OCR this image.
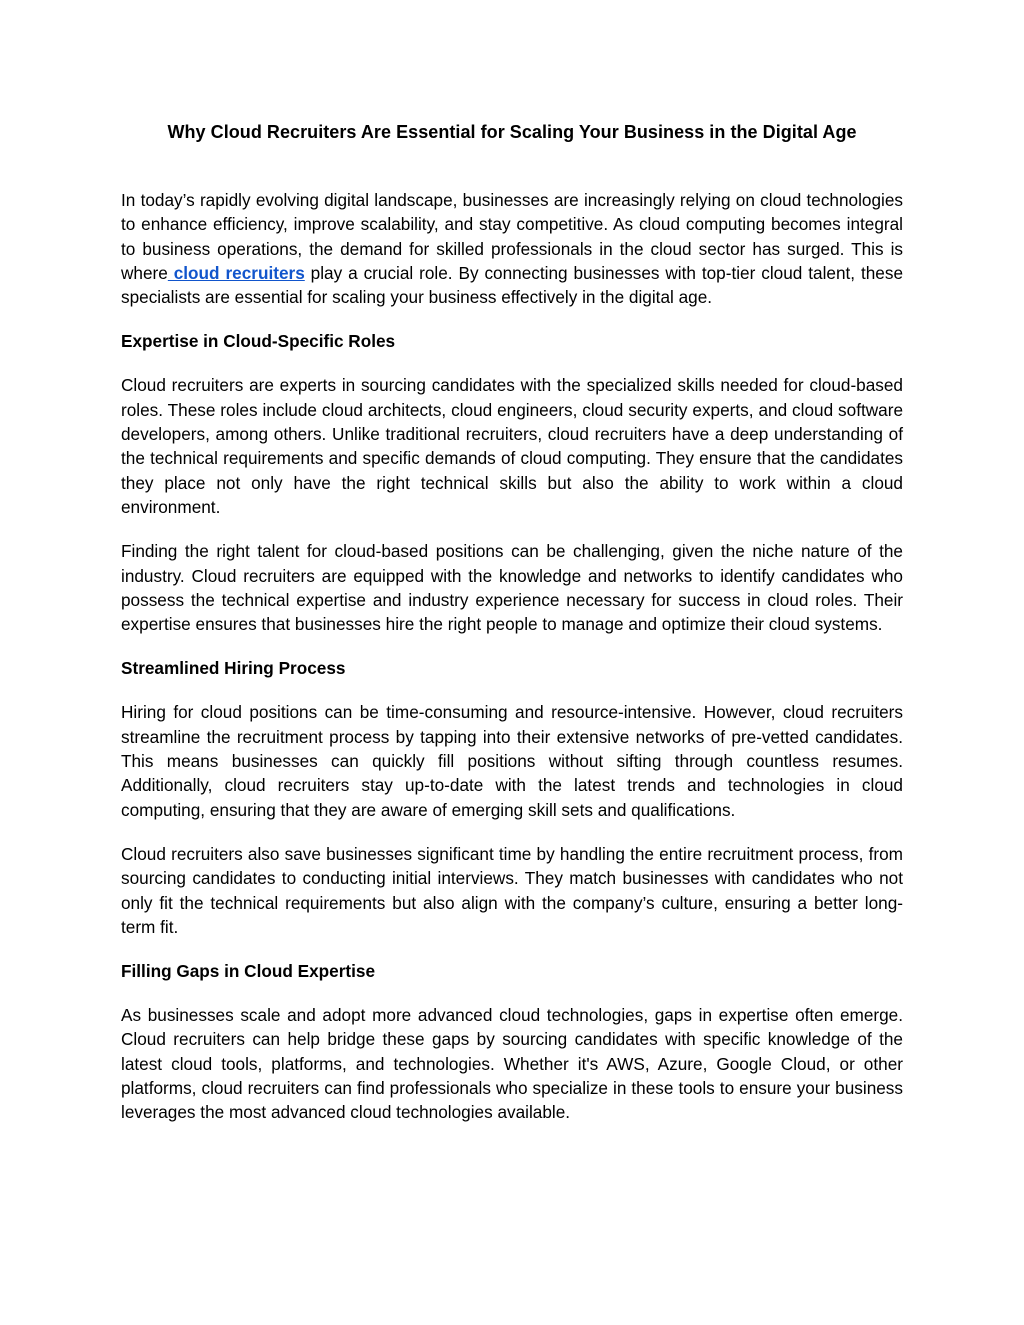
Why Cloud Recruiters Are Essential for Scaling Your Business in the Digital Age

In today’s rapidly evolving digital landscape, businesses are increasingly relying on cloud technologies to enhance efficiency, improve scalability, and stay competitive. As cloud computing becomes integral to business operations, the demand for skilled professionals in the cloud sector has surged. This is where cloud recruiters play a crucial role. By connecting businesses with top-tier cloud talent, these specialists are essential for scaling your business effectively in the digital age.

Expertise in Cloud-Specific Roles

Cloud recruiters are experts in sourcing candidates with the specialized skills needed for cloud-based roles. These roles include cloud architects, cloud engineers, cloud security experts, and cloud software developers, among others. Unlike traditional recruiters, cloud recruiters have a deep understanding of the technical requirements and specific demands of cloud computing. They ensure that the candidates they place not only have the right technical skills but also the ability to work within a cloud environment.

Finding the right talent for cloud-based positions can be challenging, given the niche nature of the industry. Cloud recruiters are equipped with the knowledge and networks to identify candidates who possess the technical expertise and industry experience necessary for success in cloud roles. Their expertise ensures that businesses hire the right people to manage and optimize their cloud systems.

Streamlined Hiring Process

Hiring for cloud positions can be time-consuming and resource-intensive. However, cloud recruiters streamline the recruitment process by tapping into their extensive networks of pre-vetted candidates. This means businesses can quickly fill positions without sifting through countless resumes. Additionally, cloud recruiters stay up-to-date with the latest trends and technologies in cloud computing, ensuring that they are aware of emerging skill sets and qualifications.

Cloud recruiters also save businesses significant time by handling the entire recruitment process, from sourcing candidates to conducting initial interviews. They match businesses with candidates who not only fit the technical requirements but also align with the company’s culture, ensuring a better long-term fit.

Filling Gaps in Cloud Expertise

As businesses scale and adopt more advanced cloud technologies, gaps in expertise often emerge. Cloud recruiters can help bridge these gaps by sourcing candidates with specific knowledge of the latest cloud tools, platforms, and technologies. Whether it's AWS, Azure, Google Cloud, or other platforms, cloud recruiters can find professionals who specialize in these tools to ensure your business leverages the most advanced cloud technologies available.
